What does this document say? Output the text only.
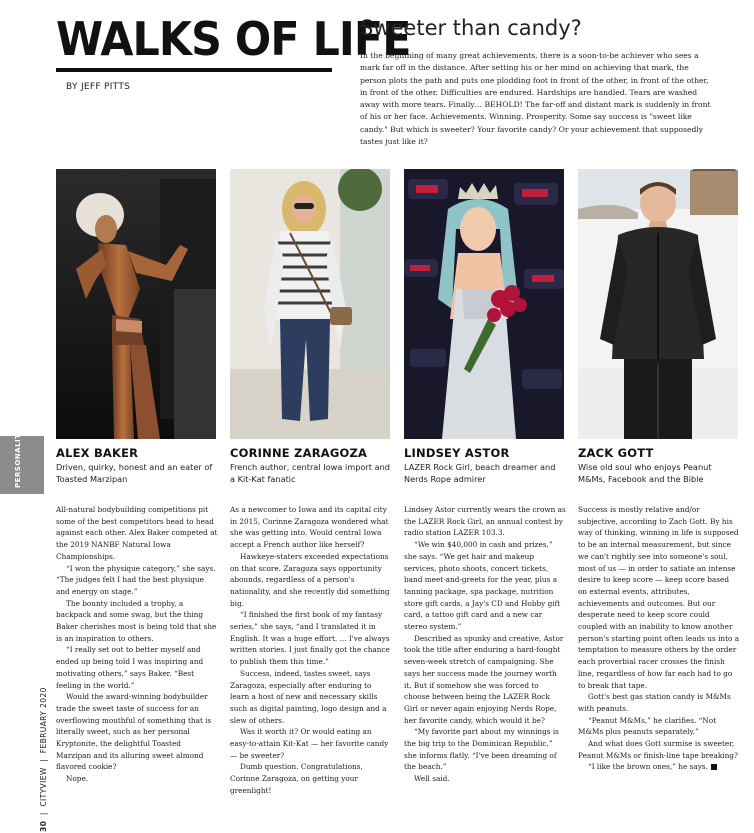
WALKS OF LIFE
BY JEFF PITTS
Sweeter than candy?

In the beginning of many great achievements, there is a soon-to-be achiever who sees a mark far off in the distance. After setting his or her mind on achieving that mark, the person plots the path and puts one plodding foot in front of the other, in front of the other, in front of the other. Difficulties are endured. Hardships are handled. Tears are washed away with more tears. Finally… BEHOLD! The far-off and distant mark is suddenly in front of his or her face. Achievements. Winning. Prosperity. Some say success is "sweet like candy." But which is sweeter? Your favorite candy? Or your achievement that supposedly tastes just like it?

PERSONALITIES
30  |  CITYVIEW  |  FEBRUARY 2020
ALEX BAKER
Driven, quirky, honest and an eater of Toasted Marzipan

All-natural bodybuilding competitions pit some of the best competitors head to head against each other. Alex Baker competed at the 2019 NANBF Natural Iowa Championships.

“I won the physique category,” she says. “The judges felt I had the best physique and energy on stage.”

The bounty included a trophy, a backpack and some swag, but the thing Baker cherishes most is being told that she is an inspiration to others.

“I really set out to better myself and ended up being told I was inspiring and motivating others,” says Baker. “Best feeling in the world.”

Would the award-winning bodybuilder trade the sweet taste of success for an overflowing mouthful of something that is literally sweet, such as her personal Kryptonite, the delightful Toasted Marzipan and its alluring sweet almond flavored cookie?

Nope.

CORINNE ZARAGOZA
French author, central Iowa import and a Kit-Kat fanatic

As a newcomer to Iowa and its capital city in 2015, Corinne Zaragoza wondered what she was getting into. Would central Iowa accept a French author like herself?

Hawkeye-staters exceeded expectations on that score. Zaragoza says opportunity abounds, regardless of a person's nationality, and she recently did something big.

“I finished the first book of my fantasy series,” she says, “and I translated it in English. It was a huge effort. ... I've always written stories. I just finally got the chance to publish them this time.”

Success, indeed, tastes sweet, says Zaragoza, especially after enduring to learn a host of new and necessary skills such as digital painting, logo design and a slew of others.

Was it worth it? Or would eating an easy-to-attain Kit-Kat — her favorite candy — be sweeter?

Dumb question. Congratulations, Corinne Zaragoza, on getting your greenlight!

LINDSEY ASTOR
LAZER Rock Girl, beach dreamer and Nerds Rope admirer

Lindsey Astor currently wears the crown as the LAZER Rock Girl, an annual contest by radio station LAZER 103.3.

“We win $40,000 in cash and prizes,” she says. “We get hair and makeup services, photo shoots, concert tickets, band meet-and-greets for the year, plus a tanning package, spa package, nutrition store gift cards, a Jay's CD and Hobby gift card, a tattoo gift card and a new car stereo system.”

Described as spunky and creative, Astor took the title after enduring a hard-fought seven-week stretch of campaigning. She says her success made the journey worth it. But if somehow she was forced to choose between being the LAZER Rock Girl or never again enjoying Nerds Rope, her favorite candy, which would it be?

“My favorite part about my winnings is the big trip to the Dominican Republic,” she informs flatly. “I've been dreaming of the beach.”

Well said.

ZACK GOTT
Wise old soul who enjoys Peanut M&Ms, Facebook and the Bible

Success is mostly relative and/or subjective, according to Zach Gott. By his way of thinking, winning in life is supposed to be an internal measurement, but since we can't rightly see into someone's soul, most of us — in order to satiate an intense desire to keep score — keep score based on external events, attributes, achievements and outcomes. But our desperate need to keep score could coupled with an inability to know another person's starting point often leads us into a temptation to measure others by the order each proverbial racer crosses the finish line, regardless of how far each had to go to break that tape.

Gott's best gas station candy is M&Ms with peanuts.

“Peanut M&Ms,” he clarifies. “Not M&Ms plus peanuts separately.”

And what does Gott surmise is sweeter, Peanut M&Ms or finish-line tape breaking?

“I like the brown ones,” he says.
